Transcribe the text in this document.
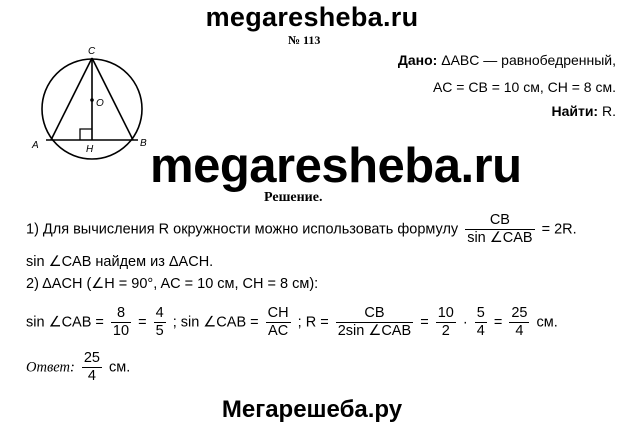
megaresheba.ru
№ 113
C
O
A	H
B
Дано: ΔABC — равнобедренный,
AC = CB = 10 см, CH = 8 см.
Найти: R.
megaresheba.ru
Решение.
1) Для вычисления R окружности можно использовать формулу $\frac{CB}{\text{sin ∠CAB}} = 2R$.
sin ∠CAB найдем из ΔACH.
2) ΔACH (∠H = 90°, AC = 10 см, CH = 8 см):
sin ∠CAB = $\frac{8}{10} = \frac{4}{5}$ ; sin ∠CAB = $\frac{CH}{AC}$ ; $R = \frac{CB}{\text{2sin ∠CAB}} = \frac{10}{2} \cdot \frac{5}{4} = \frac{25}{4}$ см.
Ответ: $\frac{25}{4}$ см.
Мегарешеба.ру
